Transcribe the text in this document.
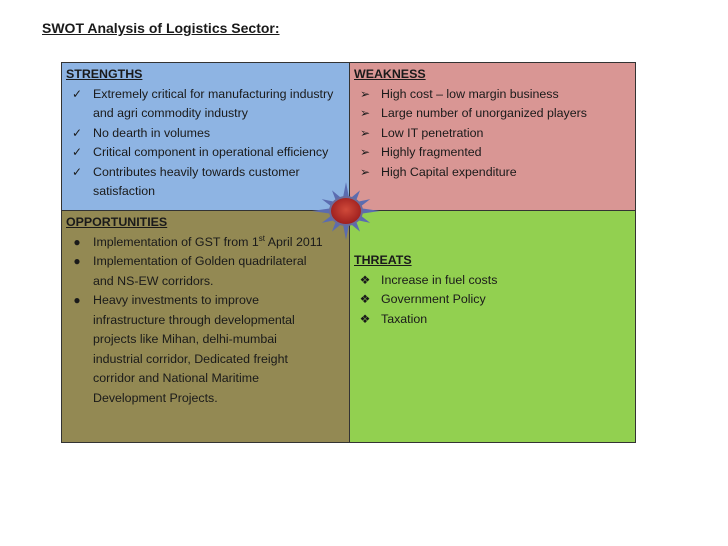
SWOT Analysis of Logistics Sector:
STRENGTHS
✓ Extremely critical for manufacturing industry and agri commodity industry
✓ No dearth in volumes
✓ Critical component in operational efficiency
✓ Contributes heavily towards customer satisfaction
WEAKNESS
➢ High cost – low margin business
➢ Large number of unorganized players
➢ Low IT penetration
➢ Highly fragmented
➢ High Capital expenditure
OPPORTUNITIES
● Implementation of GST from 1st April 2011
● Implementation of Golden quadrilateral and NS-EW corridors.
● Heavy investments to improve infrastructure through developmental projects like Mihan, delhi-mumbai industrial corridor, Dedicated freight corridor and National Maritime Development Projects.
THREATS
❖ Increase in fuel costs
❖ Government Policy
❖ Taxation
